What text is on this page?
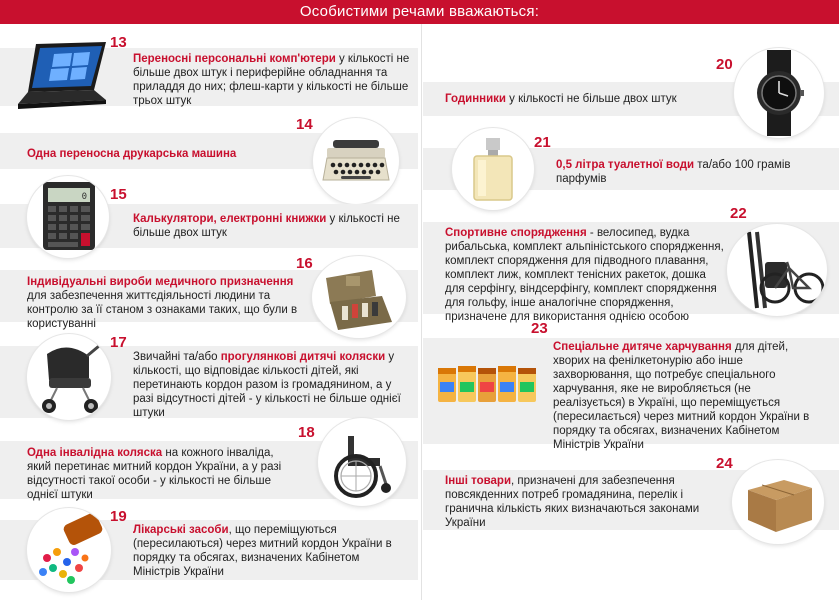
Особистими речами вважаються:
13
Переносні персональні комп'ютери у кількості не більше двох штук і периферійне обладнання та приладдя до них; флеш-карти у кількості не більше трьох штук
14
Одна переносна друкарська машина
0 15
Калькулятори, електронні книжки у кількості не більше двох штук
16
Індивідуальні вироби медичного призначення для забезпечення життєдіяльності людини та контролю за її станом з ознаками таких, що були в користуванні
17
Звичайні та/або прогулянкові дитячі коляски у кількості, що відповідає кількості дітей, які перетинають кордон разом із громадянином, а у разі відсутності дітей - у кількості не більше однієї штуки
18
Одна інвалідна коляска на кожного інваліда, який перетинає митний кордон України, а у разі відсутності такої особи - у кількості не більше однієї штуки
19
Лікарські засоби, що переміщуються (пересилаються) через митний кордон України в порядку та обсягах, визначених Кабінетом Міністрів України
20
Годинники у кількості не більше двох штук
21
0,5 літра туалетної води та/або 100 грамів парфумів
22
Спортивне спорядження - велосипед, вудка рибальська, комплект альпіністського спорядження, комплект спорядження для підводного плавання, комплект лиж, комплект тенісних ракеток, дошка для серфінгу, віндсерфінгу, комплект спорядження для гольфу, інше аналогічне спорядження, призначене для використання однією особою
23
Спеціальне дитяче харчування для дітей, хворих на фенілкетонурію або інше захворювання, що потребує спеціального харчування, яке не виробляється (не реалізується) в Україні, що переміщується (пересилається) через митний кордон України в порядку та обсягах, визначених Кабінетом Міністрів України
24
Інші товари, призначені для забезпечення повсякденних потреб громадянина, перелік і гранична кількість яких визначаються законами України
